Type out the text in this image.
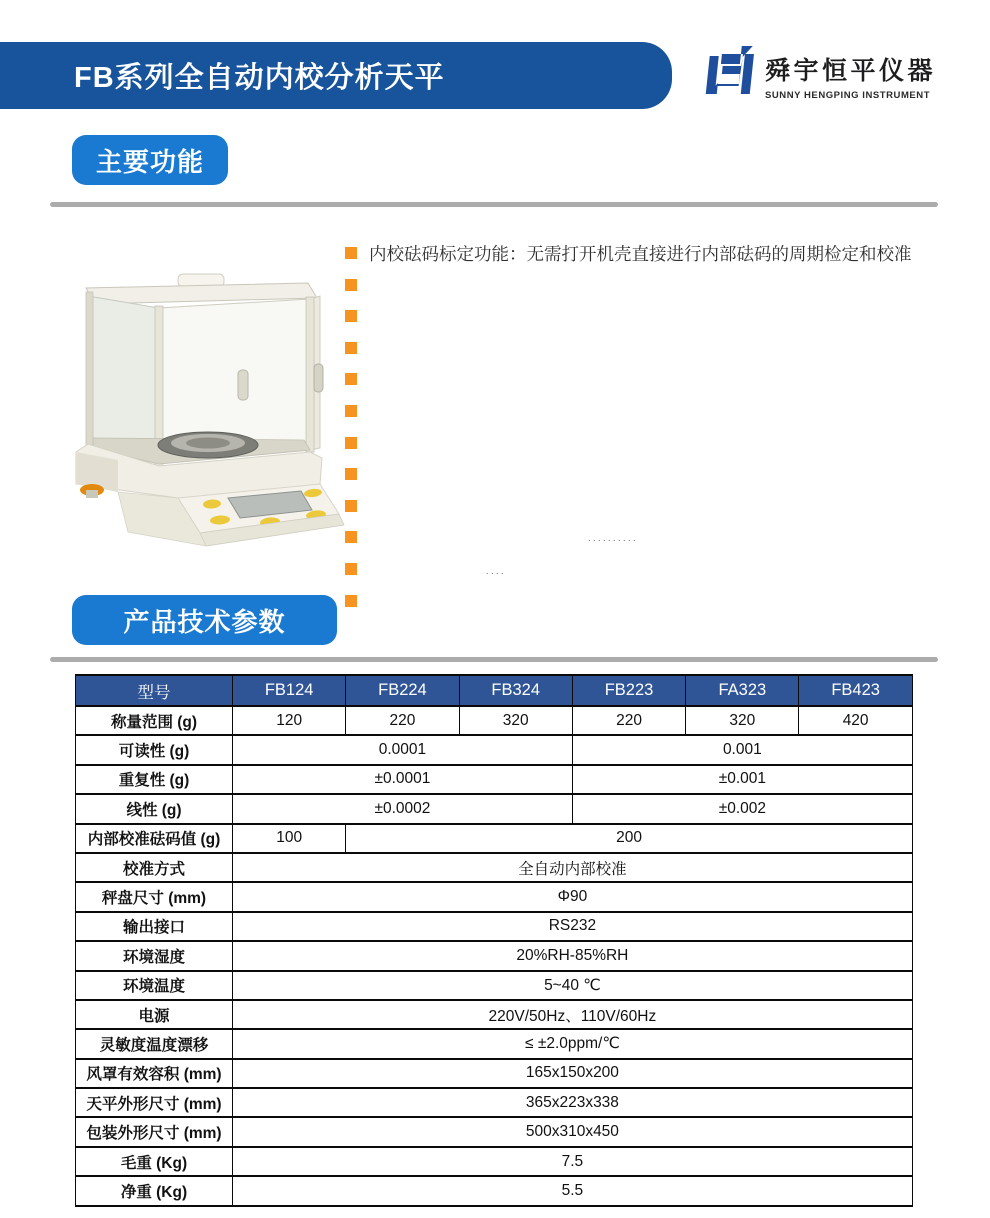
FB系列全自动内校分析天平	舜宇恒平仪器
SUNNY HENGPING INSTRUMENT
主要功能
内校砝码标定功能：无需打开机壳直接进行内部砝码的周期检定和校准
..........
....
产品技术参数
型号	FB124	FB224	FB324	FB223	FA323	FB423
称量范围 (g)	120	220	320	220	320	420
可读性 (g)	0.0001			0.001		
重复性 (g)	±0.0001			±0.001		
线性 (g)	±0.0002			±0.002		
内部校准砝码值 (g)	100	200				
校准方式	全自动内部校准					
秤盘尺寸 (mm)	Φ90					
输出接口	RS232					
环境湿度	20%RH-85%RH					
环境温度	5~40 ℃					
电源	220V/50Hz、110V/60Hz					
灵敏度温度漂移	≤ ±2.0ppm/℃					
风罩有效容积 (mm)	165x150x200					
天平外形尺寸 (mm)	365x223x338					
包装外形尺寸 (mm)	500x310x450					
毛重 (Kg)	7.5					
净重 (Kg)	5.5					
